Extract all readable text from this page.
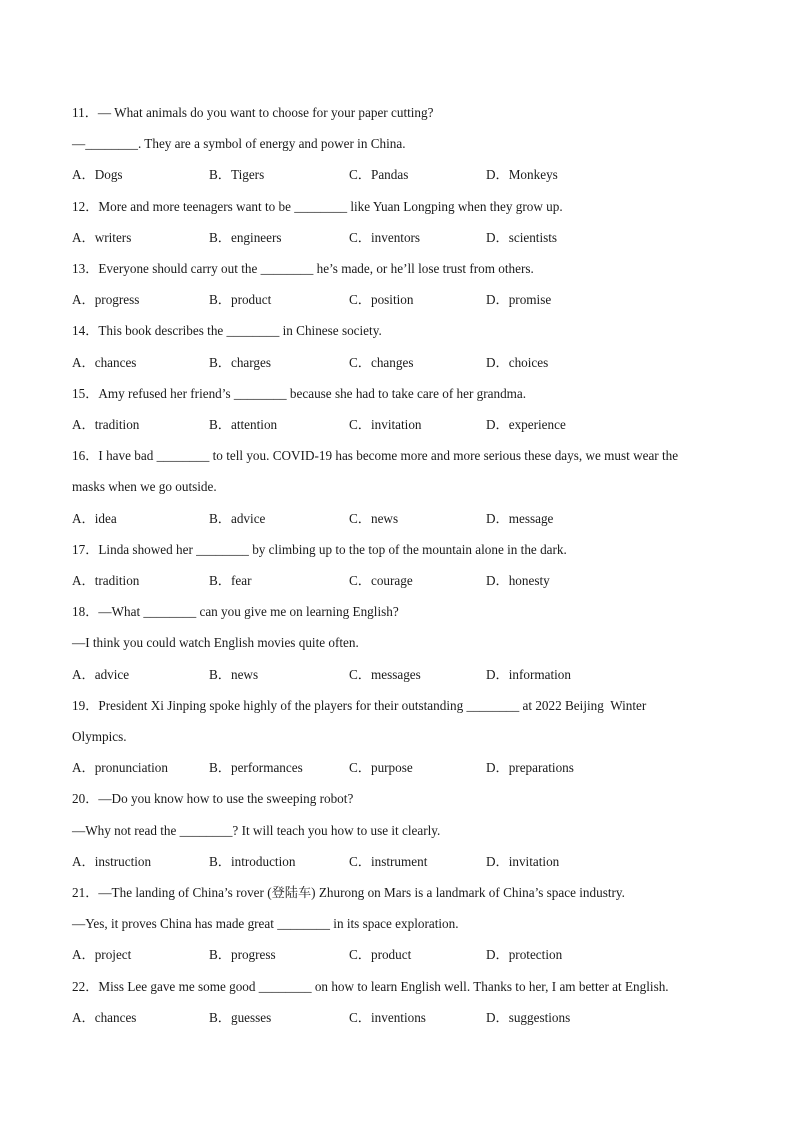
11．— What animals do you want to choose for your paper cutting?
—________. They are a symbol of energy and power in China.
A．Dogs	B．Tigers	C．Pandas	D．Monkeys
12．More and more teenagers want to be ________ like Yuan Longping when they grow up.
A．writers	B．engineers	C．inventors	D．scientists
13．Everyone should carry out the ________ he’s made, or he’ll lose trust from others.
A．progress	B．product	C．position	D．promise
14．This book describes the ________ in Chinese society.
A．chances	B．charges	C．changes	D．choices
15．Amy refused her friend’s ________ because she had to take care of her grandma.
A．tradition	B．attention	C．invitation	D．experience
16．I have bad ________ to tell you. COVID-19 has become more and more serious these days, we must wear the
masks when we go outside.
A．idea	B．advice	C．news	D．message
17．Linda showed her ________ by climbing up to the top of the mountain alone in the dark.
A．tradition	B．fear	C．courage	D．honesty
18．—What ________ can you give me on learning English?
—I think you could watch English movies quite often.
A．advice	B．news	C．messages	D．information
19．President Xi Jinping spoke highly of the players for their outstanding ________ at 2022 Beijing  Winter
Olympics.
A．pronunciation	B．performances	C．purpose	D．preparations
20．—Do you know how to use the sweeping robot?
—Why not read the ________? It will teach you how to use it clearly.
A．instruction	B．introduction	C．instrument	D．invitation
21．—The landing of China’s rover (登陆车) Zhurong on Mars is a landmark of China’s space industry.
—Yes, it proves China has made great ________ in its space exploration.
A．project	B．progress	C．product	D．protection
22．Miss Lee gave me some good ________ on how to learn English well. Thanks to her, I am better at English.
A．chances	B．guesses	C．inventions	D．suggestions
